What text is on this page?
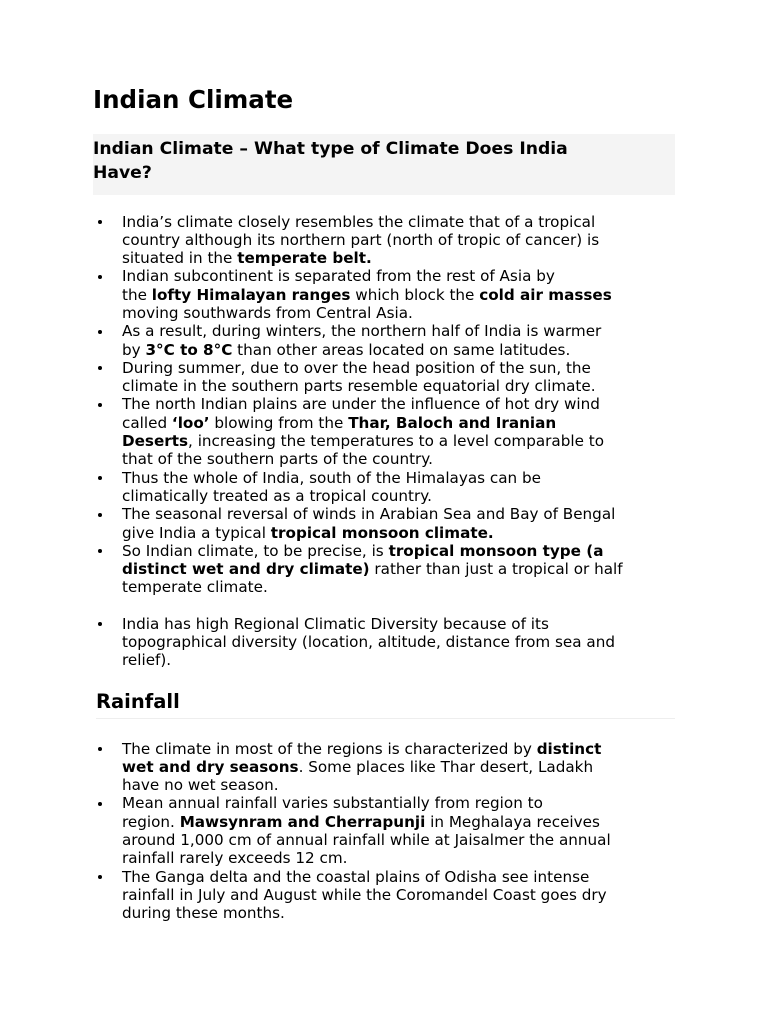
Indian Climate
Indian Climate – What type of Climate Does India
Have?
India’s climate closely resembles the climate that of a tropical
country although its northern part (north of tropic of cancer) is
situated in the temperate belt.
Indian subcontinent is separated from the rest of Asia by
the lofty Himalayan ranges which block the cold air masses
moving southwards from Central Asia.
As a result, during winters, the northern half of India is warmer
by 3°C to 8°C than other areas located on same latitudes.
During summer, due to over the head position of the sun, the
climate in the southern parts resemble equatorial dry climate.
The north Indian plains are under the influence of hot dry wind
called ‘loo’ blowing from the Thar, Baloch and Iranian
Deserts, increasing the temperatures to a level comparable to
that of the southern parts of the country.
Thus the whole of India, south of the Himalayas can be
climatically treated as a tropical country.
The seasonal reversal of winds in Arabian Sea and Bay of Bengal
give India a typical tropical monsoon climate.
So Indian climate, to be precise, is tropical monsoon type (a
distinct wet and dry climate) rather than just a tropical or half
temperate climate.
India has high Regional Climatic Diversity because of its
topographical diversity (location, altitude, distance from sea and
relief).
Rainfall
The climate in most of the regions is characterized by distinct
wet and dry seasons. Some places like Thar desert, Ladakh
have no wet season.
Mean annual rainfall varies substantially from region to
region. Mawsynram and Cherrapunji in Meghalaya receives
around 1,000 cm of annual rainfall while at Jaisalmer the annual
rainfall rarely exceeds 12 cm.
The Ganga delta and the coastal plains of Odisha see intense
rainfall in July and August while the Coromandel Coast goes dry
during these months.
